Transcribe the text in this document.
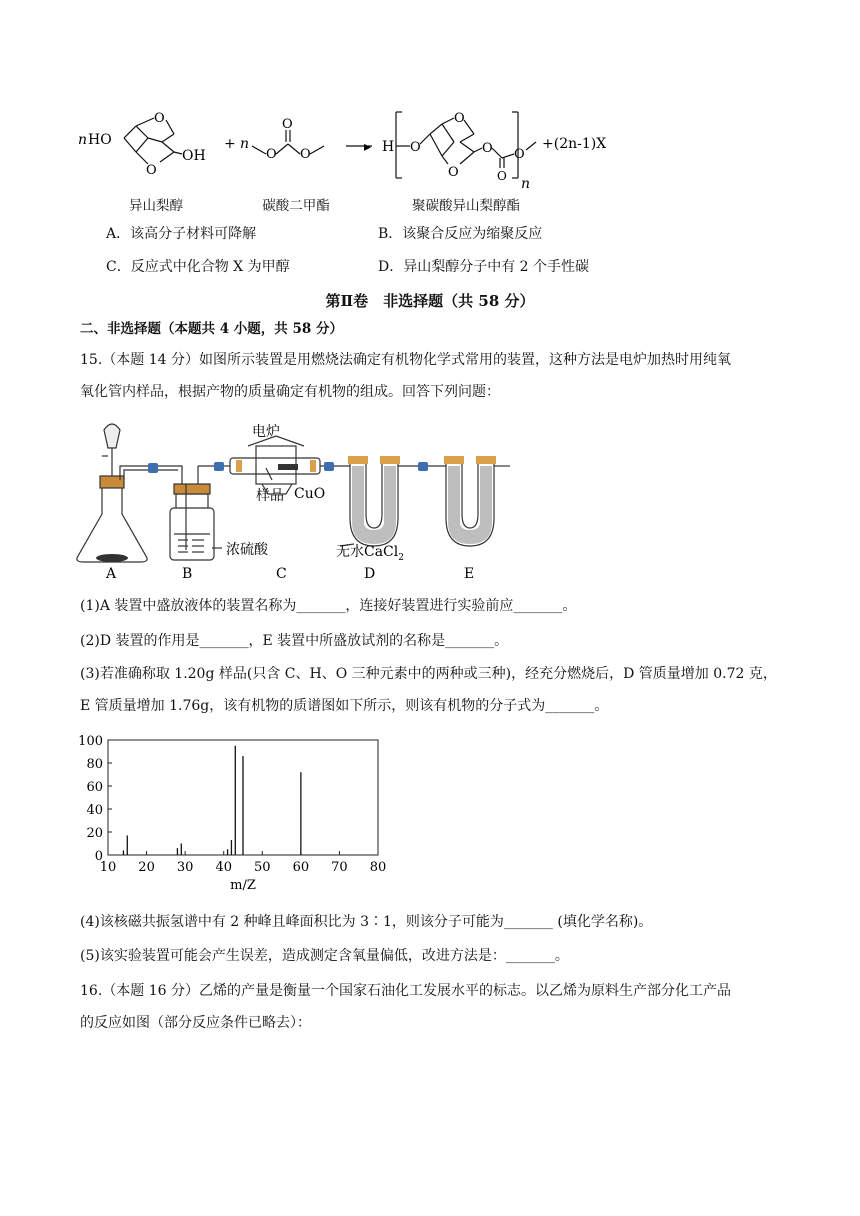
n HO
OH
O
O
+ n
O O
O
▸ H O
O
O
O
O
O
n
+(2n-1)X
异山梨醇	碳酸二甲酯	聚碳酸异山梨醇酯
A．该高分子材料可降解	B．该聚合反应为缩聚反应
C．反应式中化合物 X 为甲醇	D．异山梨醇分子中有 2 个手性碳
第Ⅱ卷　非选择题（共 58 分）
二、非选择题（本题共 4 小题，共 58 分）
15.（本题 14 分）如图所示装置是用燃烧法确定有机物化学式常用的装置，这种方法是电炉加热时用纯氧
氧化管内样品，根据产物的质量确定有机物的组成。回答下列问题：
电炉
样品 CuO
浓硫酸	无水CaCl$_2$
A	B	C	D	E
(1)A 装置中盛放液体的装置名称为_______，连接好装置进行实验前应_______。
(2)D 装置的作用是_______，E 装置中所盛放试剂的名称是_______。
(3)若准确称取 1.20g 样品(只含 C、H、O 三种元素中的两种或三种)，经充分燃烧后，D 管质量增加 0.72 克，
E 管质量增加 1.76g，该有机物的质谱图如下所示，则该有机物的分子式为_______。
10 20 30 40 50 60 70 80
0
20
40
60
80
100
m/Z
(4)该核磁共振氢谱中有 2 种峰且峰面积比为 3∶1，则该分子可能为_______ (填化学名称)。
(5)该实验装置可能会产生误差，造成测定含氧量偏低，改进方法是：_______。
16.（本题 16 分）乙烯的产量是衡量一个国家石油化工发展水平的标志。以乙烯为原料生产部分化工产品
的反应如图（部分反应条件已略去）：
